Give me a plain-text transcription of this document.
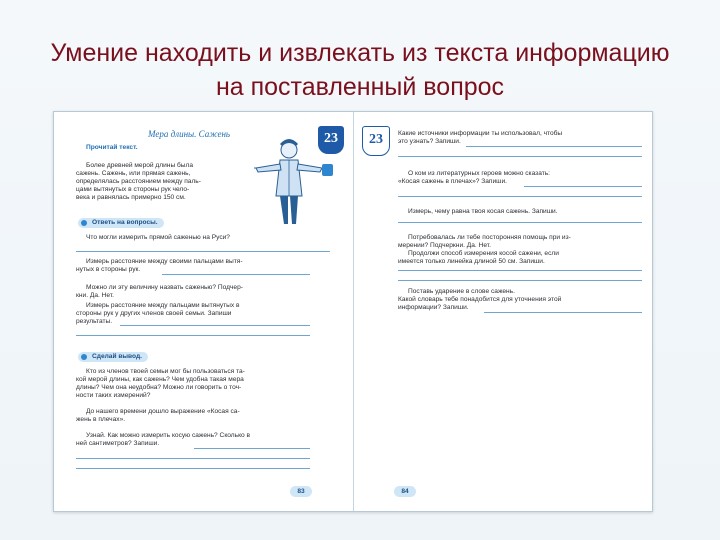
Умение находить и извлекать из текста информацию
на поставленный вопрос
Мера длины. Сажень	23
Прочитай текст.
Более древней мерой длины была
сажень. Сажень, или прямая сажень,
определялась расстоянием между паль-
цами вытянутых в стороны рук чело-
века и равнялась примерно 150 см.
Ответь на вопросы.
Что могли измерить прямой саженью на Руси?
Измерь расстояние между своими пальцами вытя-
нутых в стороны рук.
Можно ли эту величину назвать саженью? Подчер-
кни. Да. Нет.
Измерь расстояние между пальцами вытянутых в
стороны рук у других членов своей семьи. Запиши
результаты.
Сделай вывод.
Кто из членов твоей семьи мог бы пользоваться та-
кой мерой длины, как сажень? Чем удобна такая мера
длины? Чем она неудобна? Можно ли говорить о точ-
ности таких измерений?
До нашего времени дошло выражение «Косая са-
жень в плечах».
Узнай. Как можно измерить косую сажень? Сколько в
ней сантиметров? Запиши.
83
23	Какие источники информации ты использовал, чтобы
это узнать? Запиши.
О ком из литературных героев можно сказать:
«Косая сажень в плечах»? Запиши.
Измерь, чему равна твоя косая сажень. Запиши.
Потребовалась ли тебе посторонняя помощь при из-
мерении? Подчеркни. Да. Нет.
Продолжи способ измерения косой сажени, если
имеется только линейка длиной 50 см. Запиши.
Поставь ударение в слове сажень.
Какой словарь тебе понадобится для уточнения этой
информации? Запиши.
84
